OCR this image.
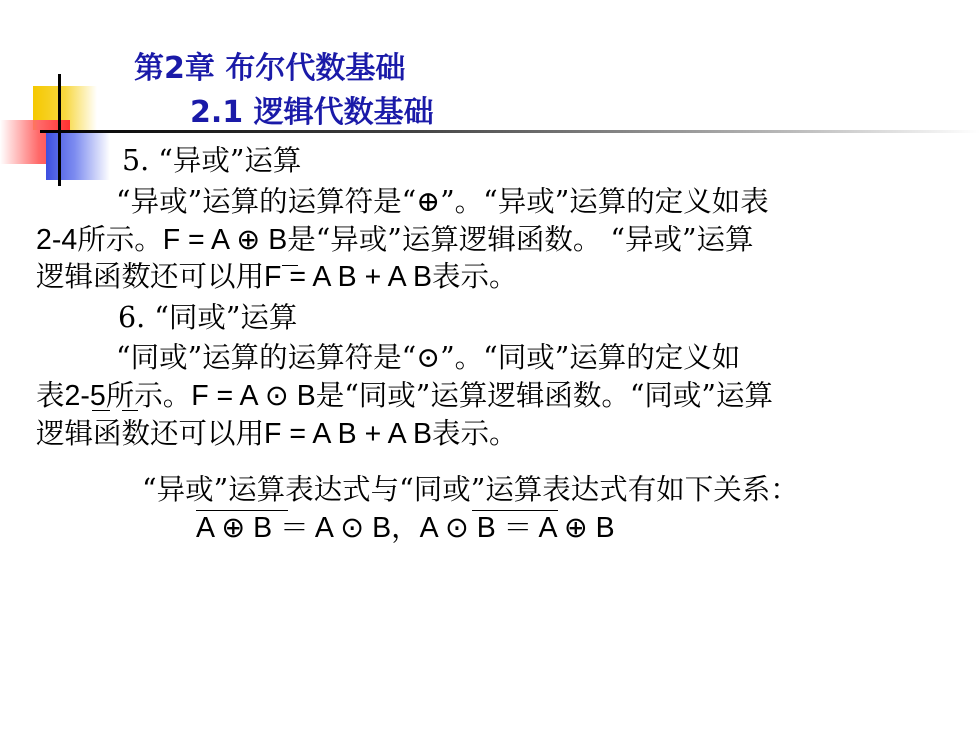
第2章 布尔代数基础
2.1 逻辑代数基础
5. “异或”运算
“异或”运算的运算符是“⊕”。“异或”运算的定义如表
2-4所示。F = A ⊕ B是“异或”运算逻辑函数。 “异或”运算
逻辑函数还可以用F = A B + A B表示。
6. “同或”运算
“同或”运算的运算符是“⊙”。“同或”运算的定义如
表2-5所示。F = A ⊙ B是“同或”运算逻辑函数。“同或”运算
逻辑函数还可以用F = A B + A B表示。
“异或”运算表达式与“同或”运算表达式有如下关系：
A ⊕ B ＝ A ⊙ B，A ⊙ B ＝ A ⊕ B
